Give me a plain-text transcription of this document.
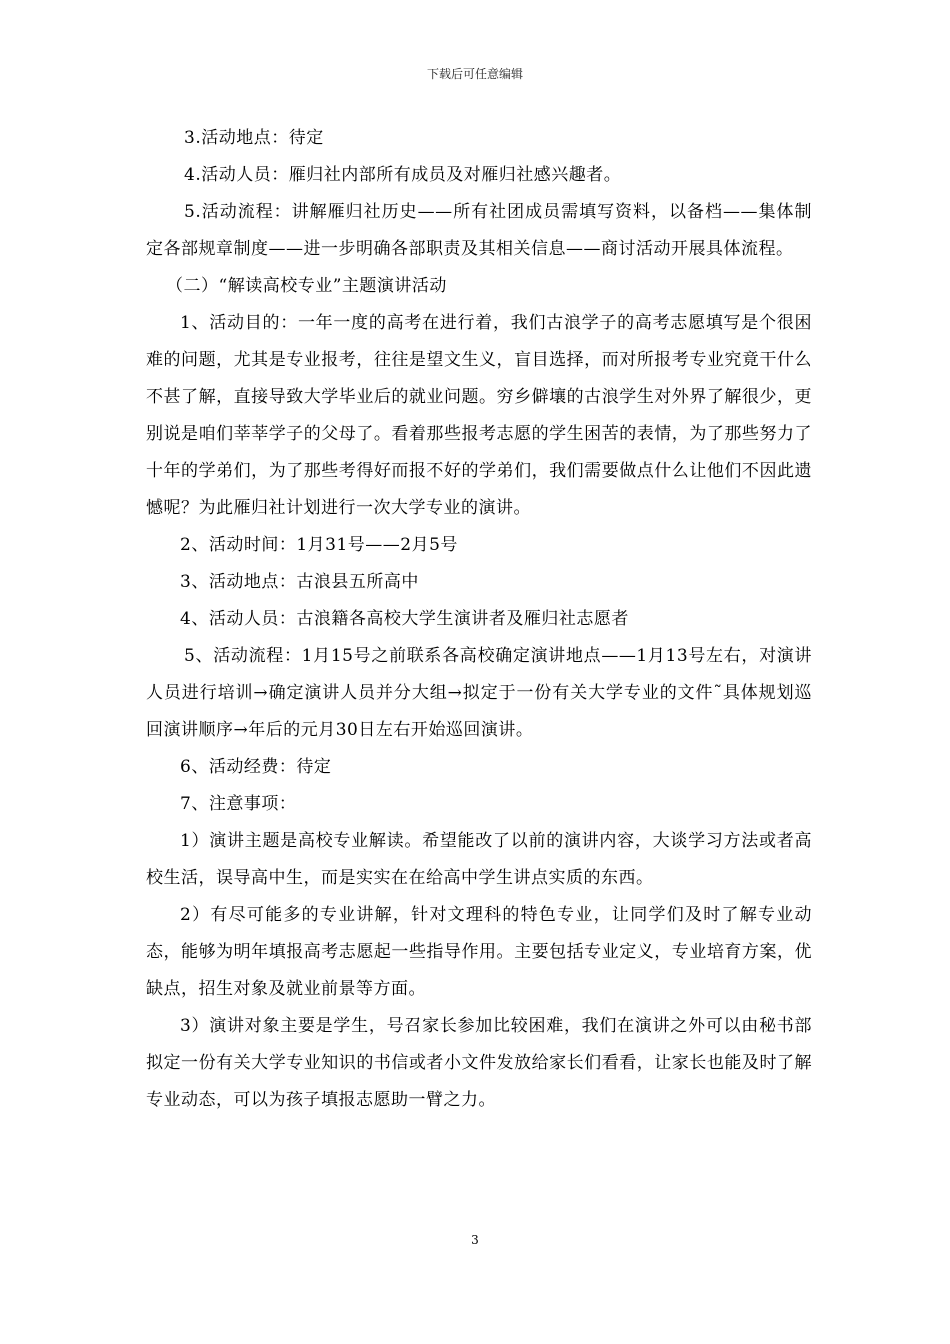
下载后可任意编辑

3.活动地点：待定

4.活动人员：雁归社内部所有成员及对雁归社感兴趣者。

5.活动流程：讲解雁归社历史——所有社团成员需填写资料，以备档——集体制定各部规章制度——进一步明确各部职责及其相关信息——商讨活动开展具体流程。

（二）“解读高校专业”主题演讲活动

1、活动目的：一年一度的高考在进行着，我们古浪学子的高考志愿填写是个很困难的问题，尤其是专业报考，往往是望文生义，盲目选择，而对所报考专业究竟干什么不甚了解，直接导致大学毕业后的就业问题。穷乡僻壤的古浪学生对外界了解很少，更别说是咱们莘莘学子的父母了。看着那些报考志愿的学生困苦的表情，为了那些努力了十年的学弟们，为了那些考得好而报不好的学弟们，我们需要做点什么让他们不因此遗憾呢？为此雁归社计划进行一次大学专业的演讲。

2、活动时间：1月31号——2月5号

3、活动地点：古浪县五所高中

4、活动人员：古浪籍各高校大学生演讲者及雁归社志愿者

5、活动流程：1月15号之前联系各高校确定演讲地点——1月13号左右，对演讲人员进行培训→确定演讲人员并分大组→拟定于一份有关大学专业的文件˜具体规划巡回演讲顺序→年后的元月30日左右开始巡回演讲。

6、活动经费：待定

7、注意事项：

1）演讲主题是高校专业解读。希望能改了以前的演讲内容，大谈学习方法或者高校生活，误导高中生，而是实实在在给高中学生讲点实质的东西。

2）有尽可能多的专业讲解，针对文理科的特色专业，让同学们及时了解专业动态，能够为明年填报高考志愿起一些指导作用。主要包括专业定义，专业培育方案，优缺点，招生对象及就业前景等方面。

3）演讲对象主要是学生，号召家长参加比较困难，我们在演讲之外可以由秘书部拟定一份有关大学专业知识的书信或者小文件发放给家长们看看，让家长也能及时了解专业动态，可以为孩子填报志愿助一臂之力。

3
